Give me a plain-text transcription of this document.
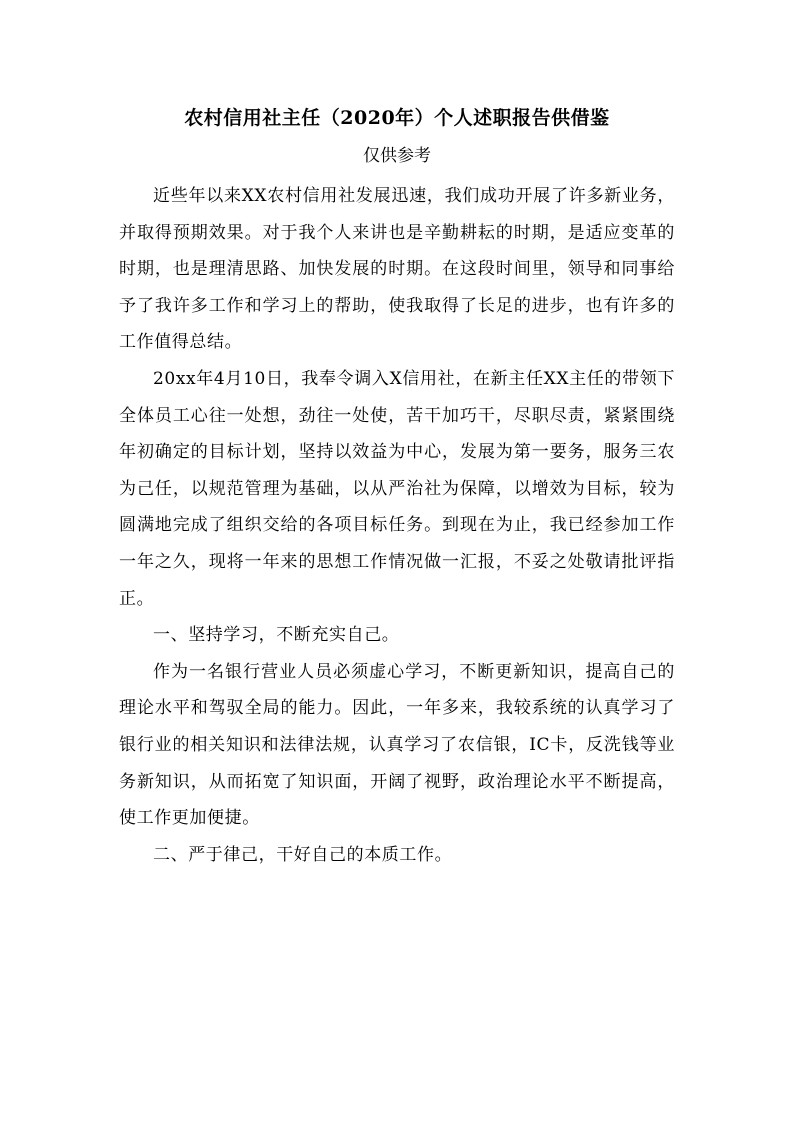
农村信用社主任（2020年）个人述职报告供借鉴
仅供参考

近些年以来XX农村信用社发展迅速，我们成功开展了许多新业务，并取得预期效果。对于我个人来讲也是辛勤耕耘的时期，是适应变革的时期，也是理清思路、加快发展的时期。在这段时间里，领导和同事给予了我许多工作和学习上的帮助，使我取得了长足的进步，也有许多的工作值得总结。

20xx年4月10日，我奉令调入X信用社，在新主任XX主任的带领下全体员工心往一处想，劲往一处使，苦干加巧干，尽职尽责，紧紧围绕年初确定的目标计划，坚持以效益为中心，发展为第一要务，服务三农为己任，以规范管理为基础，以从严治社为保障，以增效为目标，较为圆满地完成了组织交给的各项目标任务。到现在为止，我已经参加工作一年之久，现将一年来的思想工作情况做一汇报，不妥之处敬请批评指正。

一、坚持学习，不断充实自己。

作为一名银行营业人员必须虚心学习，不断更新知识，提高自己的理论水平和驾驭全局的能力。因此，一年多来，我较系统的认真学习了银行业的相关知识和法律法规，认真学习了农信银，IC卡，反洗钱等业务新知识，从而拓宽了知识面，开阔了视野，政治理论水平不断提高，使工作更加便捷。

二、严于律己，干好自己的本质工作。
